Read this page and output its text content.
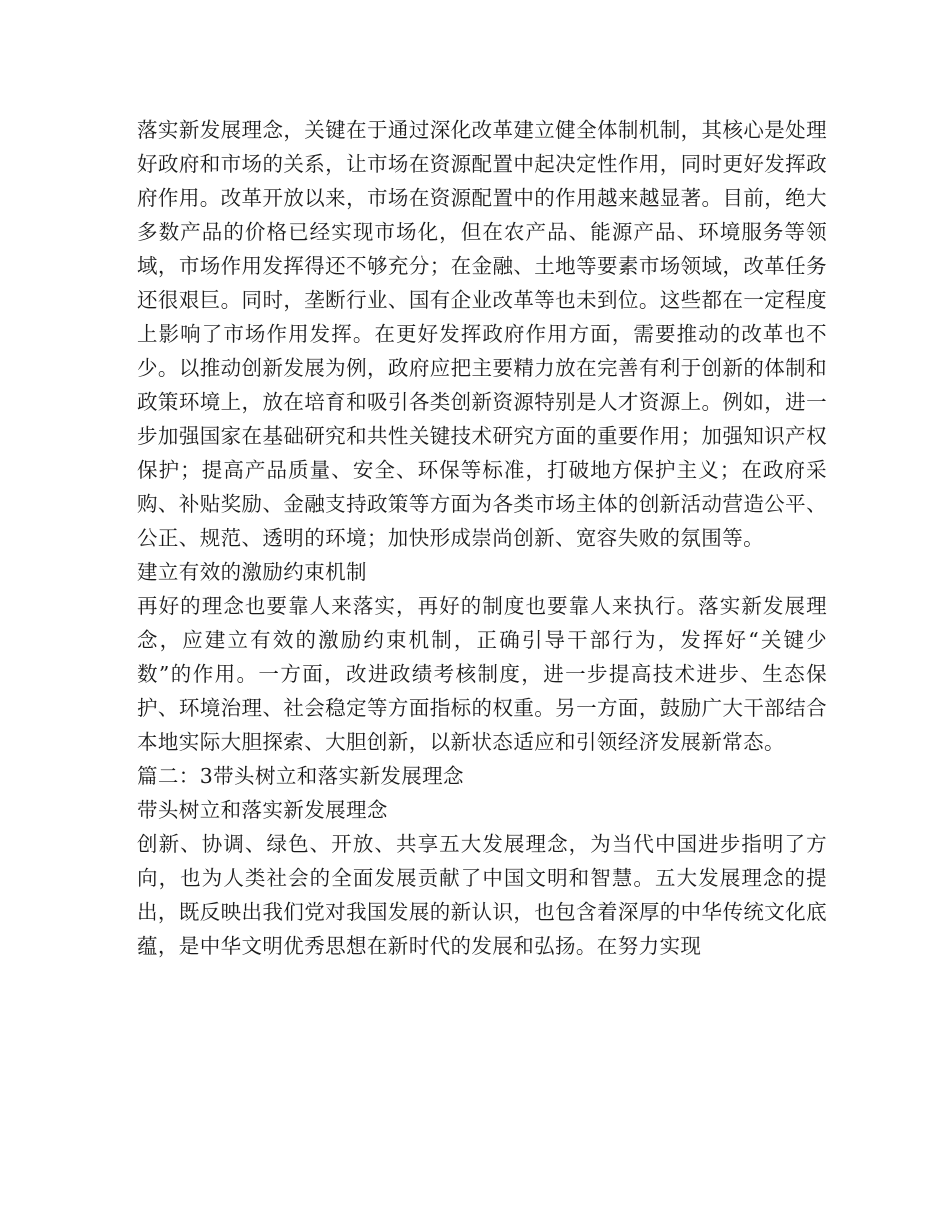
落实新发展理念，关键在于通过深化改革建立健全体制机制，其核心是处理好政府和市场的关系，让市场在资源配置中起决定性作用，同时更好发挥政府作用。改革开放以来，市场在资源配置中的作用越来越显著。目前，绝大多数产品的价格已经实现市场化，但在农产品、能源产品、环境服务等领域，市场作用发挥得还不够充分；在金融、土地等要素市场领域，改革任务还很艰巨。同时，垄断行业、国有企业改革等也未到位。这些都在一定程度上影响了市场作用发挥。在更好发挥政府作用方面，需要推动的改革也不少。以推动创新发展为例，政府应把主要精力放在完善有利于创新的体制和政策环境上，放在培育和吸引各类创新资源特别是人才资源上。例如，进一步加强国家在基础研究和共性关键技术研究方面的重要作用；加强知识产权保护；提高产品质量、安全、环保等标准，打破地方保护主义；在政府采购、补贴奖励、金融支持政策等方面为各类市场主体的创新活动营造公平、公正、规范、透明的环境；加快形成崇尚创新、宽容失败的氛围等。

建立有效的激励约束机制

再好的理念也要靠人来落实，再好的制度也要靠人来执行。落实新发展理念，应建立有效的激励约束机制，正确引导干部行为，发挥好“关键少数”的作用。一方面，改进政绩考核制度，进一步提高技术进步、生态保护、环境治理、社会稳定等方面指标的权重。另一方面，鼓励广大干部结合本地实际大胆探索、大胆创新，以新状态适应和引领经济发展新常态。

篇二：3带头树立和落实新发展理念

带头树立和落实新发展理念

创新、协调、绿色、开放、共享五大发展理念，为当代中国进步指明了方向，也为人类社会的全面发展贡献了中国文明和智慧。五大发展理念的提出，既反映出我们党对我国发展的新认识，也包含着深厚的中华传统文化底蕴，是中华文明优秀思想在新时代的发展和弘扬。在努力实现
